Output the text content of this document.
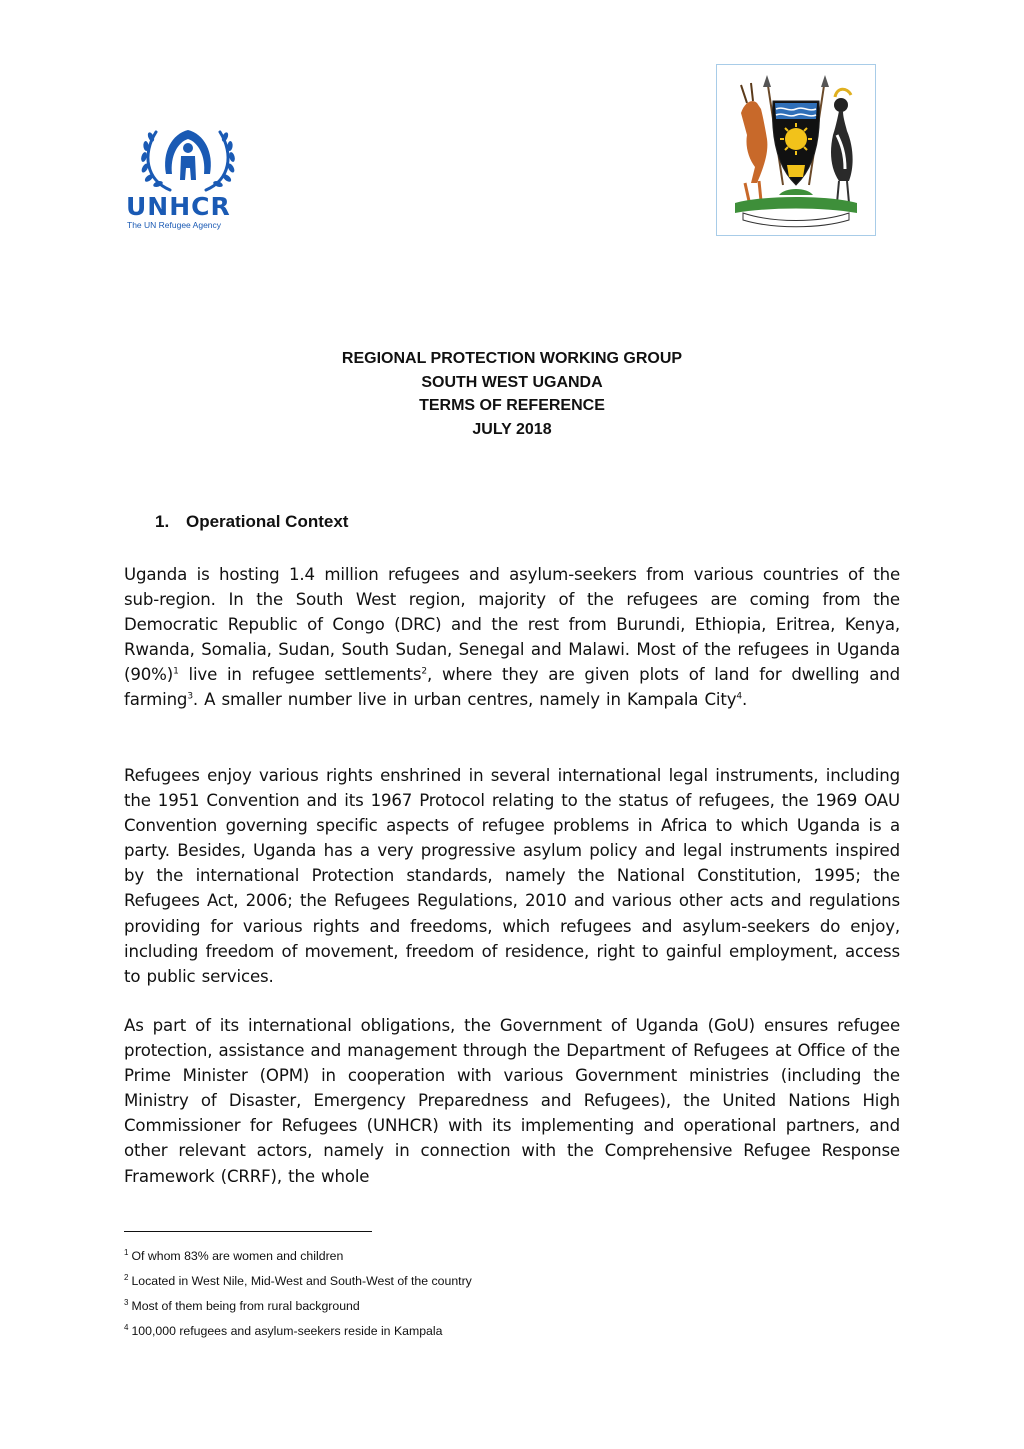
UNHCR
The UN Refugee Agency
REGIONAL PROTECTION WORKING GROUP
SOUTH WEST UGANDA
TERMS OF REFERENCE
JULY 2018
1. Operational Context

Uganda is hosting 1.4 million refugees and asylum-seekers from various countries of the sub-region. In the South West region, majority of the refugees are coming from the Democratic Republic of Congo (DRC) and the rest from Burundi, Ethiopia, Eritrea, Kenya, Rwanda, Somalia, Sudan, South Sudan, Senegal and Malawi. Most of the refugees in Uganda (90%)$^1$ live in refugee settlements$^2$, where they are given plots of land for dwelling and farming$^3$. A smaller number live in urban centres, namely in Kampala City$^4$.

Refugees enjoy various rights enshrined in several international legal instruments, including the 1951 Convention and its 1967 Protocol relating to the status of refugees, the 1969 OAU Convention governing specific aspects of refugee problems in Africa to which Uganda is a party. Besides, Uganda has a very progressive asylum policy and legal instruments inspired by the international Protection standards, namely the National Constitution, 1995; the Refugees Act, 2006; the Refugees Regulations, 2010 and various other acts and regulations providing for various rights and freedoms, which refugees and asylum-seekers do enjoy, including freedom of movement, freedom of residence, right to gainful employment, access to public services.

As part of its international obligations, the Government of Uganda (GoU) ensures refugee protection, assistance and management through the Department of Refugees at Office of the Prime Minister (OPM) in cooperation with various Government ministries (including the Ministry of Disaster, Emergency Preparedness and Refugees), the United Nations High Commissioner for Refugees (UNHCR) with its implementing and operational partners, and other relevant actors, namely in connection with the Comprehensive Refugee Response Framework (CRRF), the whole

$^1$ Of whom 83% are women and children
$^2$ Located in West Nile, Mid-West and South-West of the country
$^3$ Most of them being from rural background
$^4$ 100,000 refugees and asylum-seekers reside in Kampala
